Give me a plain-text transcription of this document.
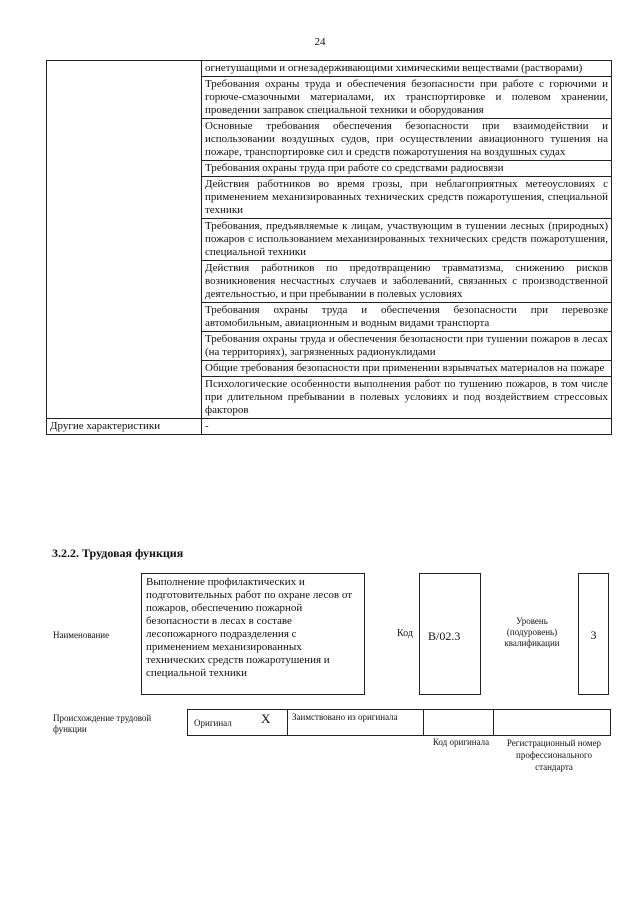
24
	огнетушащими и огнезадерживающими химическими веществами (растворами)
	Требования охраны труда и обеспечения безопасности при работе с горючими и горюче-смазочными материалами, их транспортировке и полевом хранении, проведении заправок специальной техники и оборудования
	Основные требования обеспечения безопасности при взаимодействии и использовании воздушных судов, при осуществлении авиационного тушения на пожаре, транспортировке сил и средств пожаротушения на воздушных судах
	Требования охраны труда при работе со средствами радиосвязи
	Действия работников во время грозы, при неблагоприятных метеоусловиях с применением механизированных технических средств пожаротушения, специальной техники
	Требования, предъявляемые к лицам, участвующим в тушении лесных (природных) пожаров с использованием механизированных технических средств пожаротушения, специальной техники
	Действия работников по предотвращению травматизма, снижению рисков возникновения несчастных случаев и заболеваний, связанных с производственной деятельностью, и при пребывании в полевых условиях
	Требования охраны труда и обеспечения безопасности при перевозке автомобильным, авиационным и водным видами транспорта
	Требования охраны труда и обеспечения безопасности при тушении пожаров в лесах (на территориях), загрязненных радионуклидами
	Общие требования безопасности при применении взрывчатых материалов на пожаре
	Психологические особенности выполнения работ по тушению пожаров, в том числе при длительном пребывании в полевых условиях и под воздействием стрессовых факторов
Другие характеристики	-
3.2.2. Трудовая функция
Наименование
Выполнение профилактических и подготовительных работ по охране лесов от пожаров, обеспечению пожарной безопасности в лесах в составе лесопожарного подразделения с применением механизированных технических средств пожаротушения и специальной техники
Код	B/02.3
Уровень (подуровень) квалификации
3
Происхождение трудовой функции
Оригинал X	Заимствовано из оригинала
Код оригинала	Регистрационный номер профессионального стандарта
